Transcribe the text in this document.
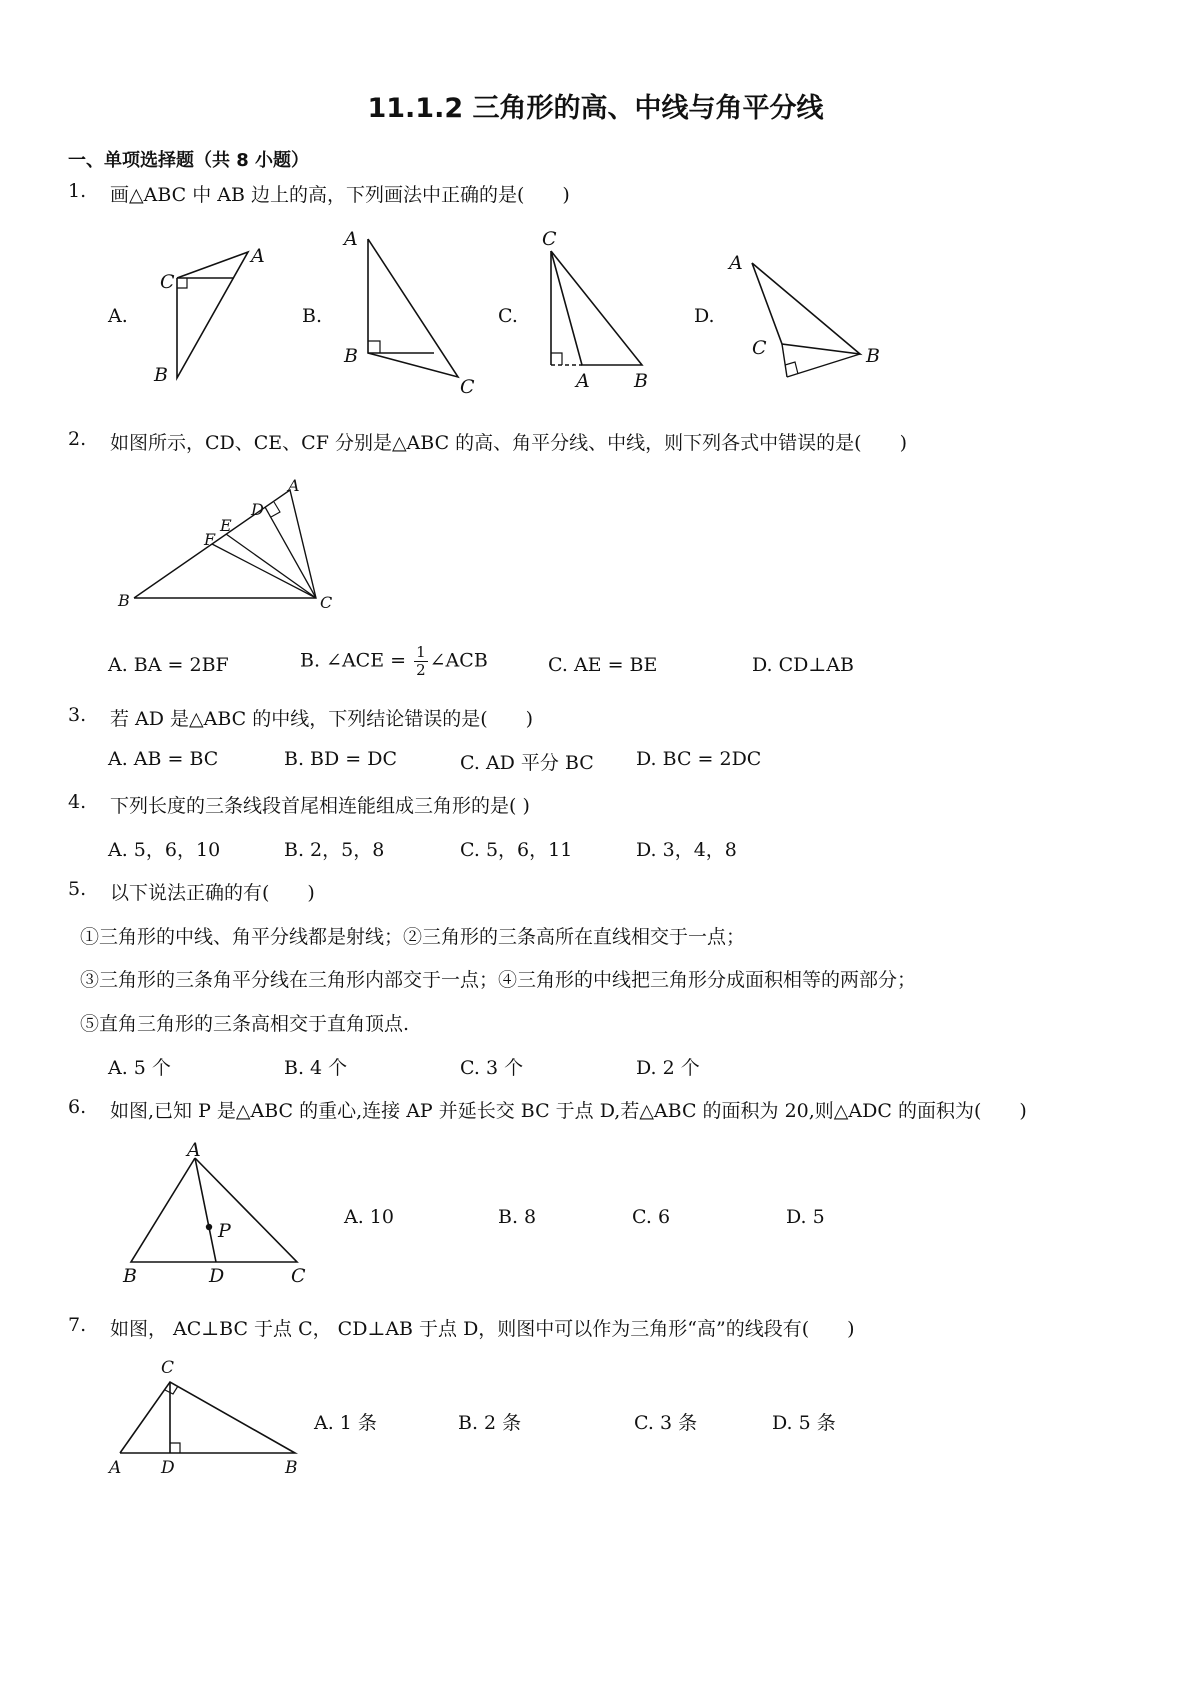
11.1.2 三角形的高、中线与角平分线
一、单项选择题（共 8 小题）
1. 画△ABC 中 AB 边上的高，下列画法中正确的是(　　)
A.	B.	C.	D.
C
A
B
A
B
C
C
A B
A
C	B
2. 如图所示，CD、CE、CF 分别是△ABC 的高、角平分线、中线，则下列各式中错误的是(　　)
A
D
E
F
B	C
A. BA = 2BF	B. ∠ACE = $\frac{1}{2}$ ∠ACB	C. AE = BE	D. CD⊥AB
3. 若 AD 是△ABC 的中线，下列结论错误的是(　　)
A. AB = BC	B. BD = DC	C. AD 平分 BC D. BC = 2DC
4. 下列长度的三条线段首尾相连能组成三角形的是( )
A. 5，6，10	B. 2，5，8	C. 5，6，11	D. 3，4，8
5. 以下说法正确的有(　　)
①三角形的中线、角平分线都是射线；②三角形的三条高所在直线相交于一点；
③三角形的三条角平分线在三角形内部交于一点；④三角形的中线把三角形分成面积相等的两部分；
⑤直角三角形的三条高相交于直角顶点.
A. 5 个	B. 4 个	C. 3 个	D. 2 个
6. 如图,已知 P 是△ABC 的重心,连接 AP 并延长交 BC 于点 D,若△ABC 的面积为 20,则△ADC 的面积为(　　)
A
P
B	D	C
A. 10	B. 8	C. 6	D. 5
7. 如图， AC⊥BC 于点 C， CD⊥AB 于点 D，则图中可以作为三角形“高”的线段有(　　)
C
A D	B
A. 1 条	B. 2 条	C. 3 条	D. 5 条
